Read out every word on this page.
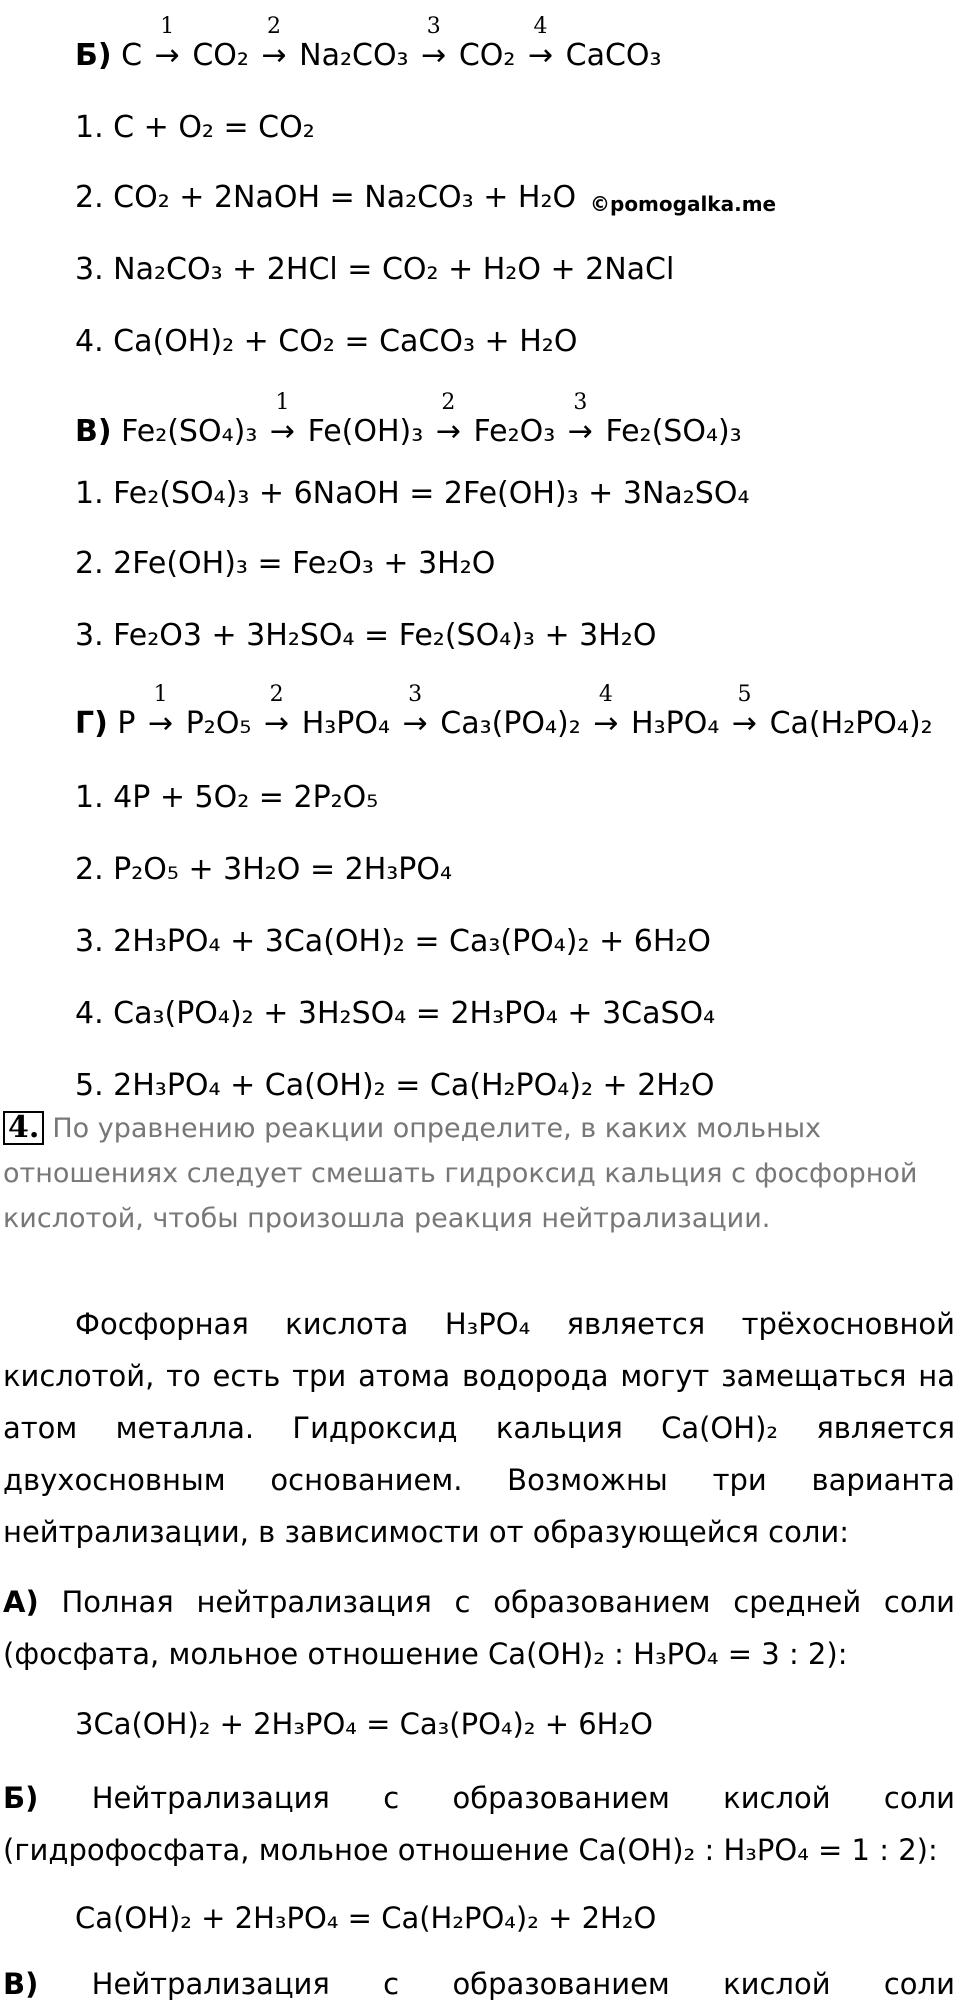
Б) C
1
→ CO₂
2
→ Na₂CO₃
3
→ CO₂
4
→ CaCO₃
1. C + O₂ = CO₂
2. CO₂ + 2NaOH = Na₂CO₃ + H₂O ©pomogalka.me
3. Na₂CO₃ + 2HCl = CO₂ + H₂O + 2NaCl
4. Ca(OH)₂ + CO₂ = CaCO₃ + H₂O
В) Fe₂(SO₄)₃
1
→ Fe(OH)₃
2
→ Fe₂O₃
3
→ Fe₂(SO₄)₃
1. Fe₂(SO₄)₃ + 6NaOH = 2Fe(OH)₃ + 3Na₂SO₄
2. 2Fe(OH)₃ = Fe₂O₃ + 3H₂O
3. Fe₂O3 + 3H₂SO₄ = Fe₂(SO₄)₃ + 3H₂O
Г) P
1
→ P₂O₅
2
→ H₃PO₄
3
→ Ca₃(PO₄)₂
4
→ H₃PO₄
5
→ Ca(H₂PO₄)₂
1. 4P + 5O₂ = 2P₂O₅
2. P₂O₅ + 3H₂O = 2H₃PO₄
3. 2H₃PO₄ + 3Ca(OH)₂ = Ca₃(PO₄)₂ + 6H₂O
4. Ca₃(PO₄)₂ + 3H₂SO₄ = 2H₃PO₄ + 3CaSO₄
5. 2H₃PO₄ + Ca(OH)₂ = Ca(H₂PO₄)₂ + 2H₂O
4. По уравнению реакции определите, в каких мольных отношениях следует смешать гидроксид кальция с фосфорной кислотой, чтобы произошла реакция нейтрализации.
Фосфорная кислота H₃PO₄ является трёхосновной кислотой, то есть три атома водорода могут замещаться на атом металла. Гидроксид кальция Ca(OH)₂ является двухосновным основанием. Возможны три варианта нейтрализации, в зависимости от образующейся соли:
А) Полная нейтрализация с образованием средней соли (фосфата, мольное отношение Ca(OH)₂ : H₃PO₄ = 3 : 2):
3Ca(OH)₂ + 2H₃PO₄ = Ca₃(PO₄)₂ + 6H₂O
Б) Нейтрализация с образованием кислой соли (гидрофосфата, мольное отношение Ca(OH)₂ : H₃PO₄ = 1 : 2):
Ca(OH)₂ + 2H₃PO₄ = Ca(H₂PO₄)₂ + 2H₂O
В) Нейтрализация с образованием кислой соли
